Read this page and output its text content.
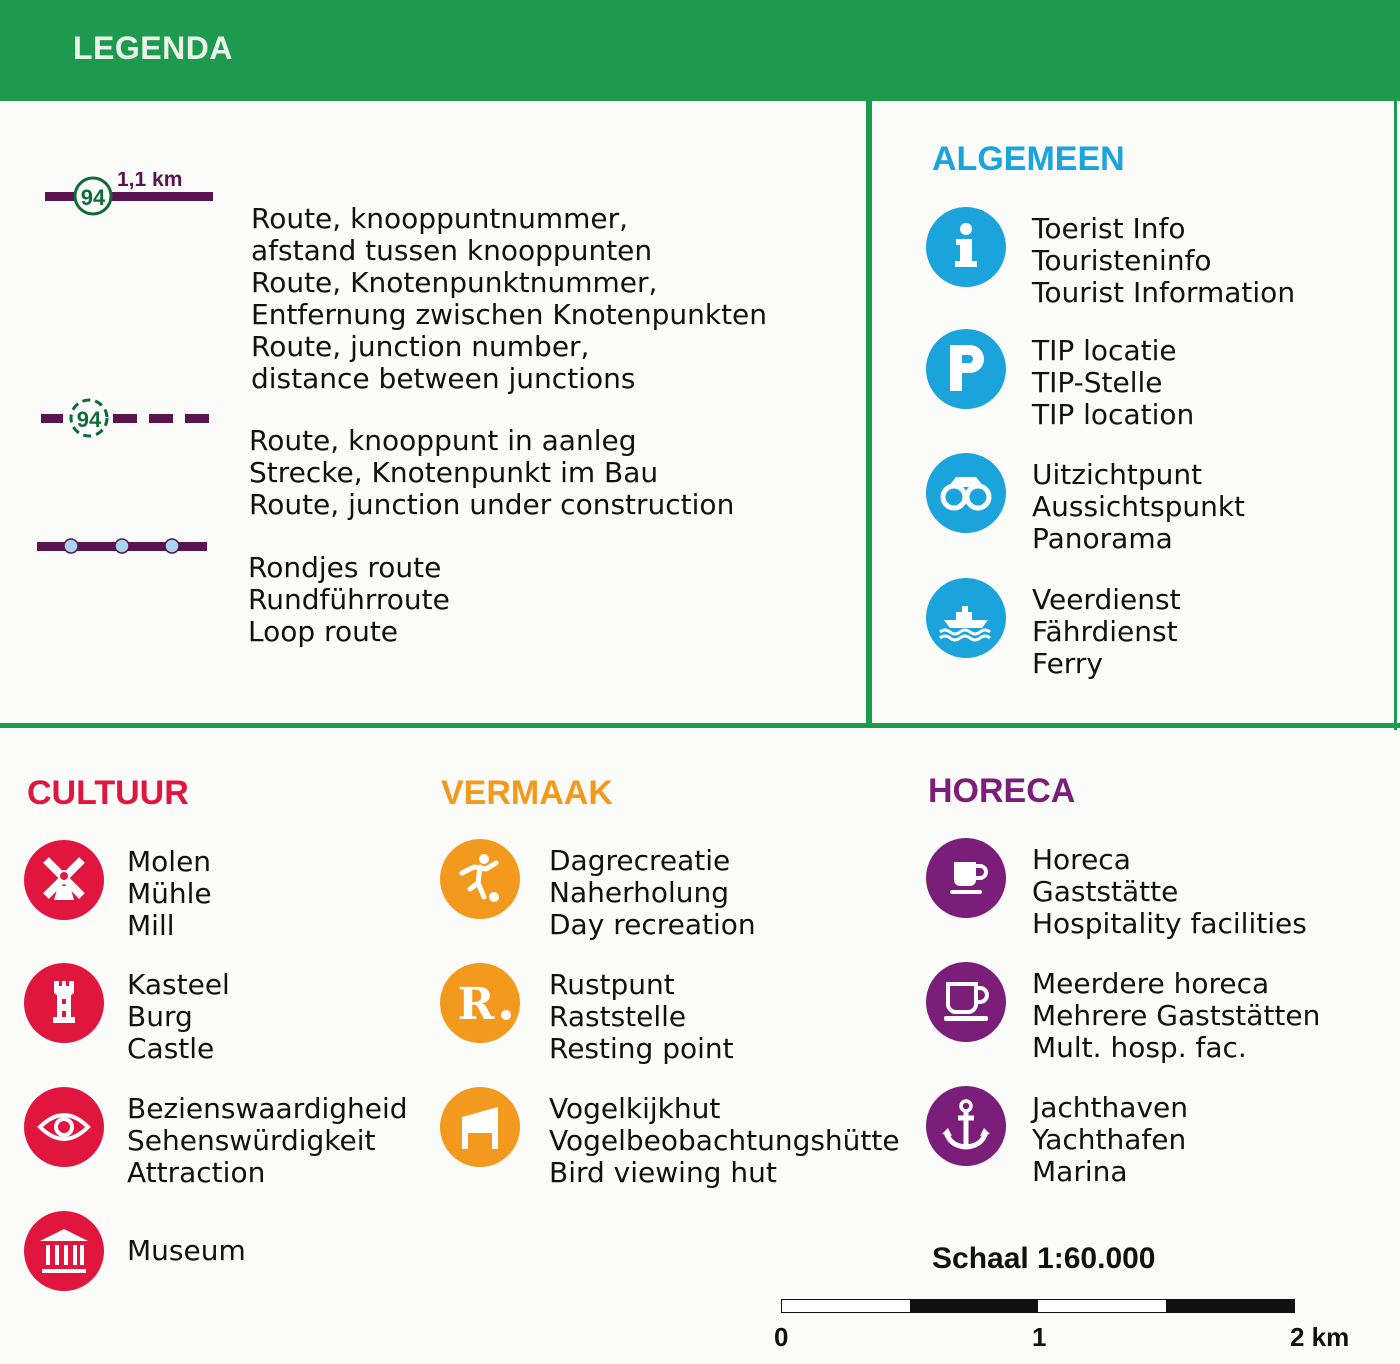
LEGENDA
94
1,1 km
Route, knooppuntnummer,
afstand tussen knooppunten
Route, Knotenpunktnummer,
Entfernung zwischen Knotenpunkten
Route, junction number,
distance between junctions
94
Route, knooppunt in aanleg
Strecke, Knotenpunkt im Bau
Route, junction under construction
Rondjes route
Rundführroute
Loop route
ALGEMEEN
Toerist Info
Touristeninfo
Tourist Information
TIP locatie
TIP-Stelle
TIP location
Uitzichtpunt
Aussichtspunkt
Panorama
Veerdienst
Fährdienst
Ferry
CULTUUR
Molen
Mühle
Mill
Kasteel
Burg
Castle
Bezienswaardigheid
Sehenswürdigkeit
Attraction
Museum
VERMAAK
Dagrecreatie
Naherholung
Day recreation
R Rustpunt
Raststelle
Resting point
Vogelkijkhut
Vogelbeobachtungshütte
Bird viewing hut
HORECA
Horeca
Gaststätte
Hospitality facilities
Meerdere horeca
Mehrere Gaststätten
Mult. hosp. fac.
Jachthaven
Yachthafen
Marina
Schaal 1:60.000
0	1	2 km
